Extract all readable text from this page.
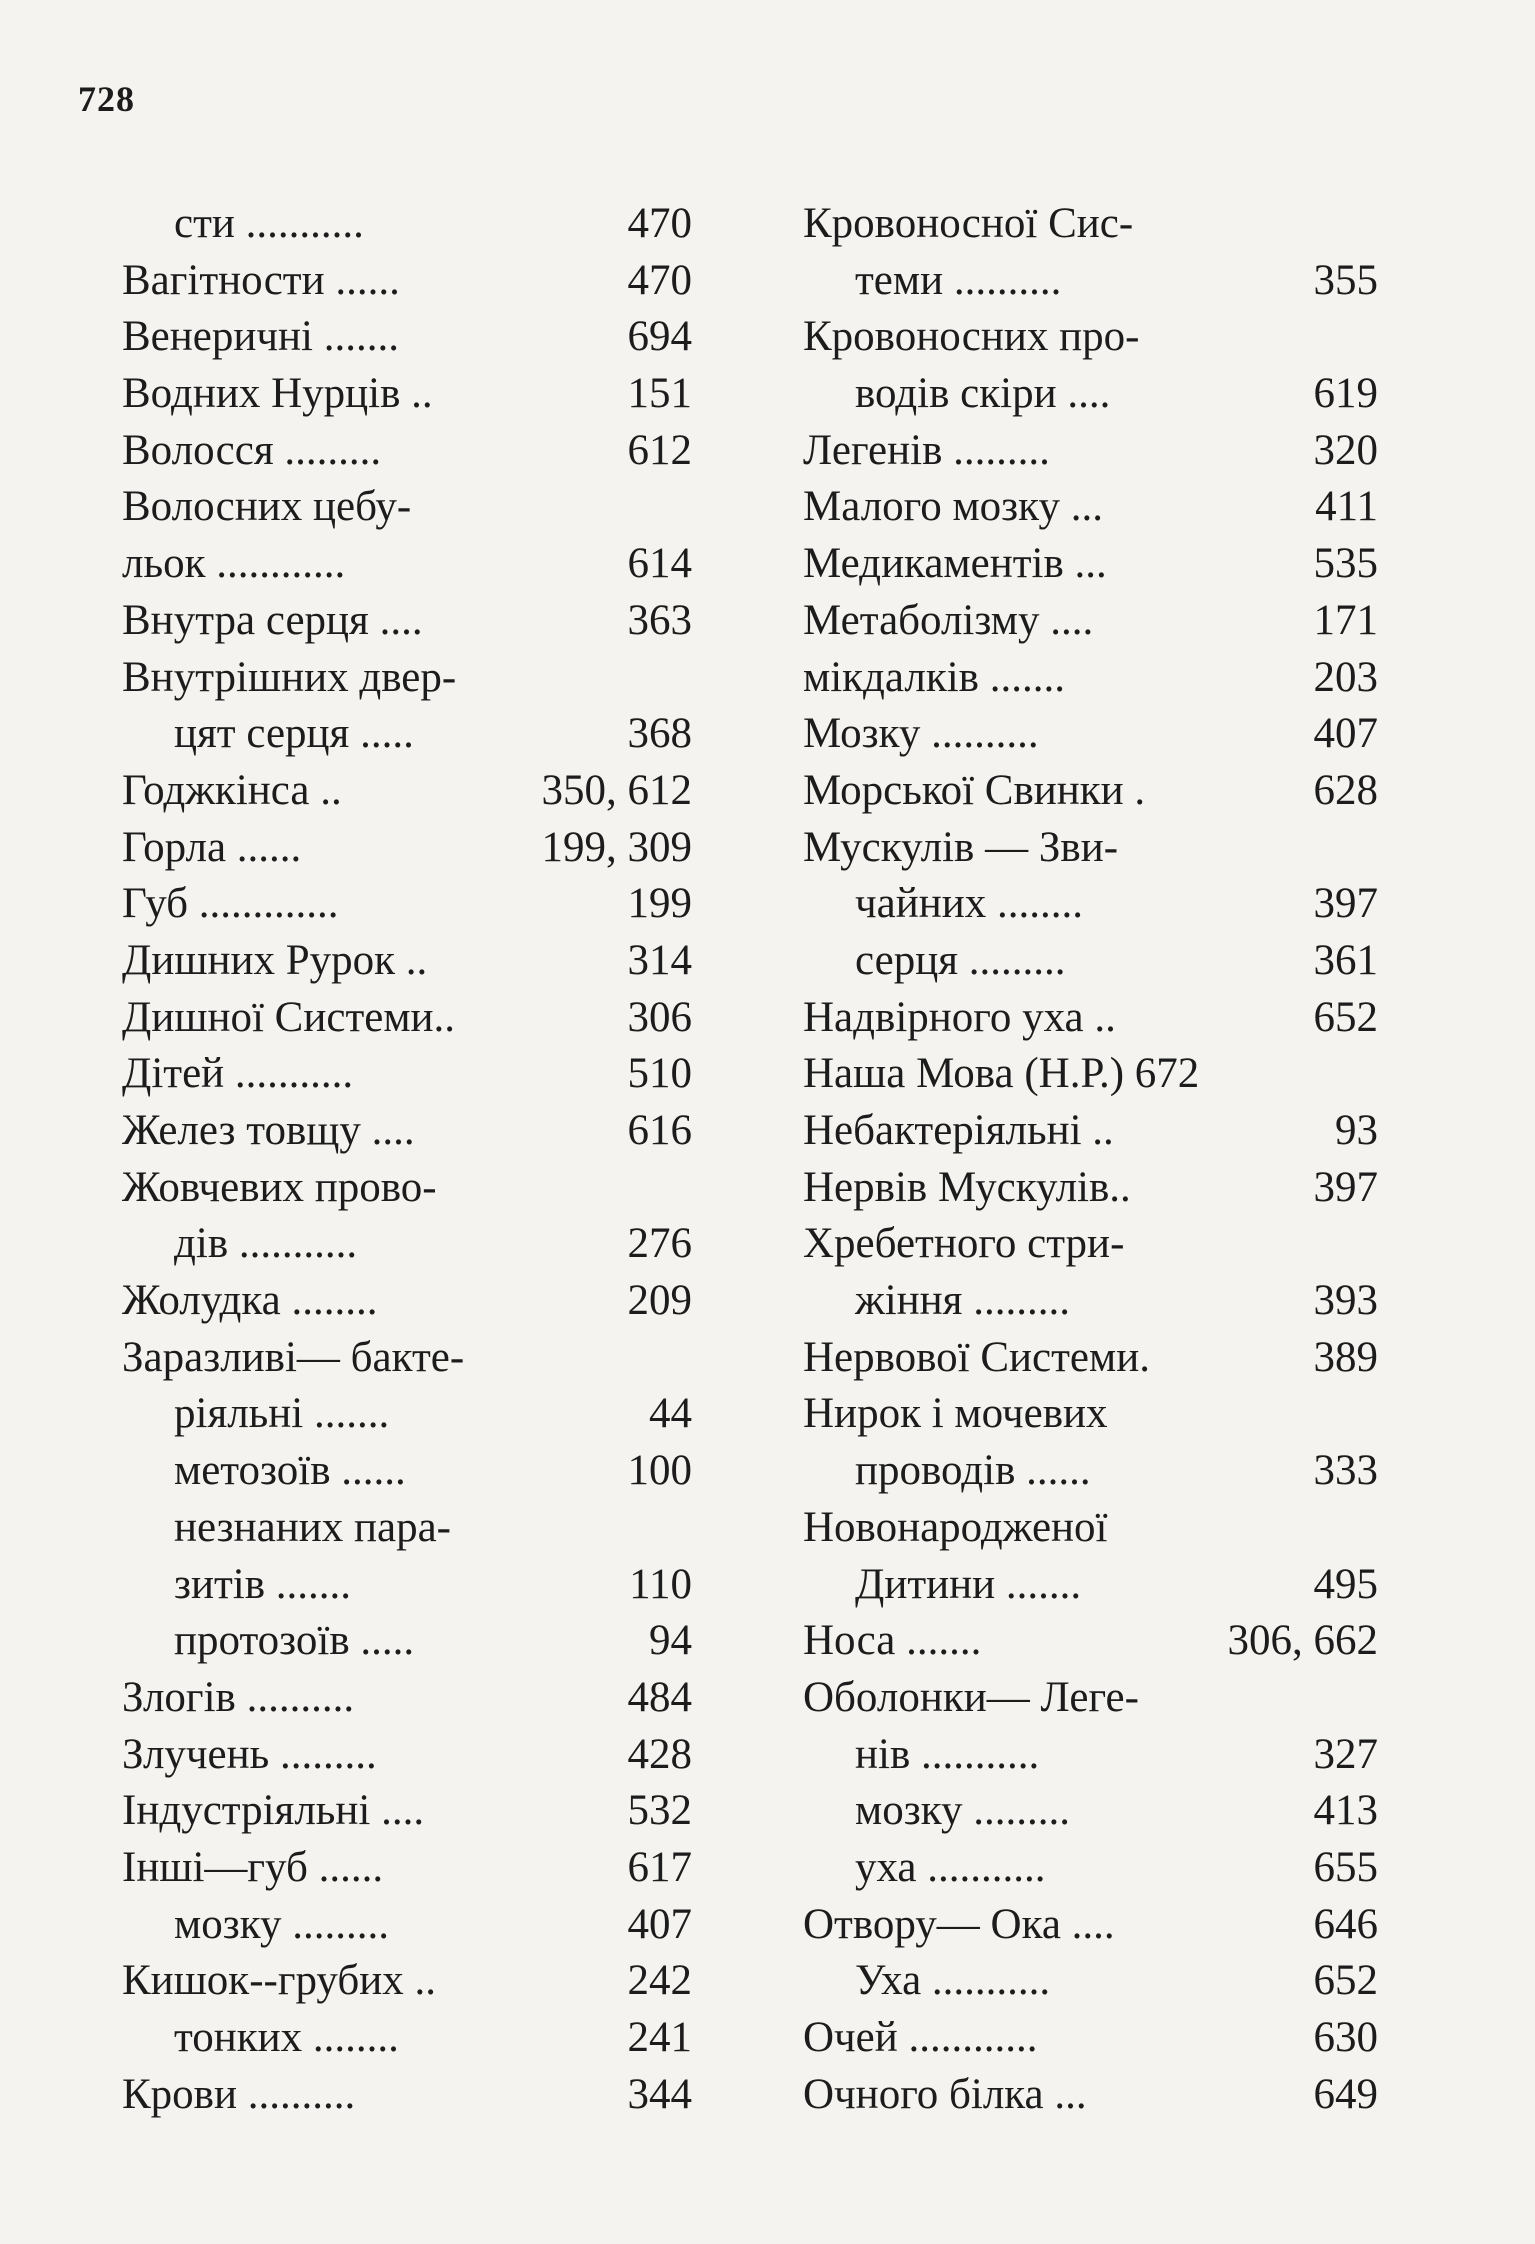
728
сти ...........	470
Вагітности ......	470
Венеричні .......	694
Водних Нурців ..	151
Волосся .........	612
Волосних цебу-
льок ............	614
Внутра серця ....	363
Внутрішних двер-
цят серця .....	368
Годжкінса ..	350, 612
Горла ......	199, 309
Губ .............	199
Дишних Рурок ..	314
Дишної Системи..	306
Дітей ...........	510
Желез товщу ....	616
Жовчевих прово-
дів ...........	276
Жолудка ........	209
Заразливі— бакте-
ріяльні .......	44
метозоїв ......	100
незнаних пара-
зитів .......	110
протозоїв .....	94
Злогів ..........	484
Злучень .........	428
Індустріяльні ....	532
Інші—губ ......	617
мозку .........	407
Кишок--грубих ..	242
тонких ........	241
Крови ..........	344
Кровоносної Сис-
теми ..........	355
Кровоносних про-
водів скіри ....	619
Легенів .........	320
Малого мозку ...	411
Медикаментів ...	535
Метаболізму ....	171
мікдалків .......	203
Мозку ..........	407
Морської Свинки .	628
Мускулів — Зви-
чайних ........	397
серця .........	361
Надвірного уха ..	652
Наша Мова (Н.Р.) 672
Небактеріяльні ..	93
Нервів Мускулів..	397
Хребетного стри-
жіння .........	393
Нервової Системи.	389
Нирок і мочевих
проводів ......	333
Новонародженої
Дитини .......	495
Носа .......	306, 662
Оболонки— Леге-
нів ...........	327
мозку .........	413
уха ...........	655
Отвору— Ока ....	646
Уха ...........	652
Очей ............	630
Очного білка ...	649
